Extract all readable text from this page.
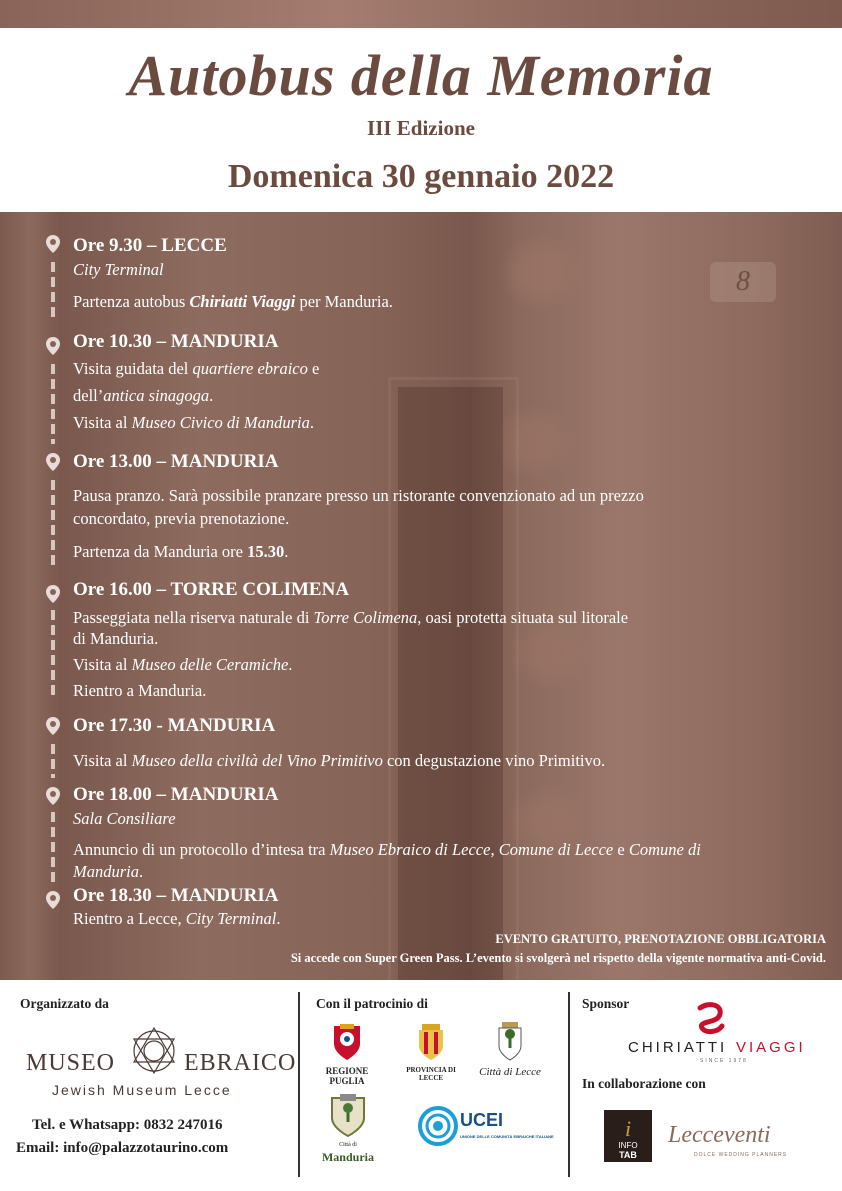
Autobus della Memoria
III Edizione
Domenica 30 gennaio 2022
8
Ore 9.30 – LECCE
City Terminal
Partenza autobus Chiriatti Viaggi per Manduria.
Ore 10.30 – MANDURIA
Visita guidata del quartiere ebraico e
dell’antica sinagoga.
Visita al Museo Civico di Manduria.
Ore 13.00 – MANDURIA
Pausa pranzo. Sarà possibile pranzare presso un ristorante convenzionato ad un prezzo
concordato, previa prenotazione.
Partenza da Manduria ore 15.30.
Ore 16.00 – TORRE COLIMENA
Passeggiata nella riserva naturale di Torre Colimena, oasi protetta situata sul litorale
di Manduria.
Visita al Museo delle Ceramiche.
Rientro a Manduria.
Ore 17.30 - MANDURIA
Visita al Museo della civiltà del Vino Primitivo con degustazione vino Primitivo.
Ore 18.00 – MANDURIA
Sala Consiliare
Annuncio di un protocollo d’intesa tra Museo Ebraico di Lecce, Comune di Lecce e Comune di
Manduria.
Ore 18.30 – MANDURIA
Rientro a Lecce, City Terminal.
EVENTO GRATUITO, PRENOTAZIONE OBBLIGATORIA
Si accede con Super Green Pass. L’evento si svolgerà nel rispetto della vigente normativa anti-Covid.
Organizzato da
MUSEO	EBRAICO
Jewish Museum Lecce
Tel. e Whatsapp: 0832 247016
Email: info@palazzotaurino.com
Con il patrocinio di
REGIONE PUGLIA
PROVINCIA DI LECCE	Città di Lecce
Città di
Manduria
UCEI
UNIONE DELLE COMUNITÀ EBRAICHE ITALIANE
Sponsor
CHIRIATTI VIAGGI
SINCE 1978
In collaborazione con
i
INFO
TAB
Lecceventi
DOLCE WEDDING PLANNERS
